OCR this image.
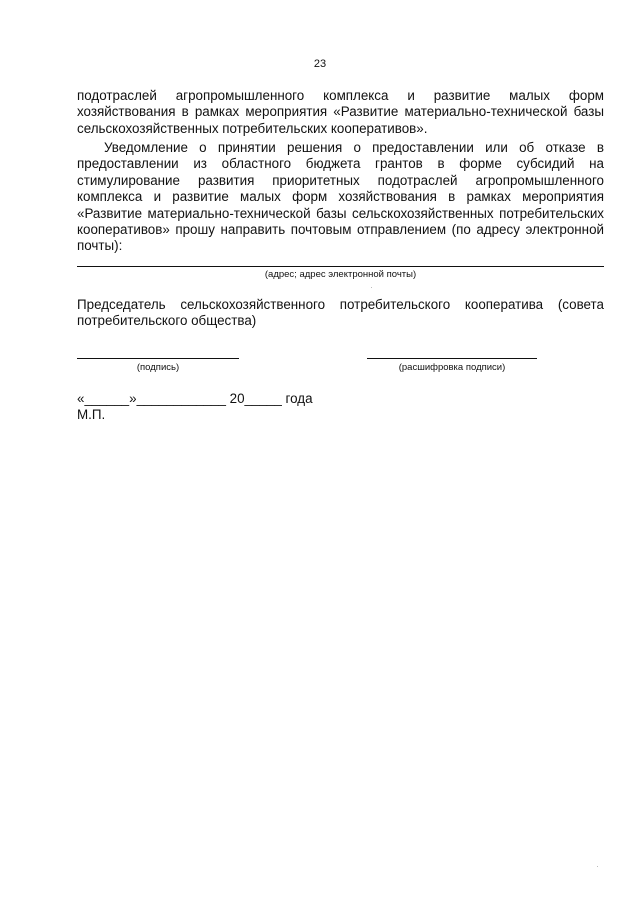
23
подотраслей агропромышленного комплекса и развитие малых форм хозяйствования в рамках мероприятия «Развитие материально-технической базы сельскохозяйственных потребительских кооперативов».
Уведомление о принятии решения о предоставлении или об отказе в предоставлении из областного бюджета грантов в форме субсидий на стимулирование развития приоритетных подотраслей агропромышленного комплекса и развитие малых форм хозяйствования в рамках мероприятия «Развитие материально-технической базы сельскохозяйственных потребительских кооперативов» прошу направить почтовым отправлением (по адресу электронной почты):
(адрес; адрес электронной почты)
Председатель сельскохозяйственного потребительского кооператива (совета потребительского общества)
(подпись)	(расшифровка подписи)
«______»____________ 20_____ года
М.П.
